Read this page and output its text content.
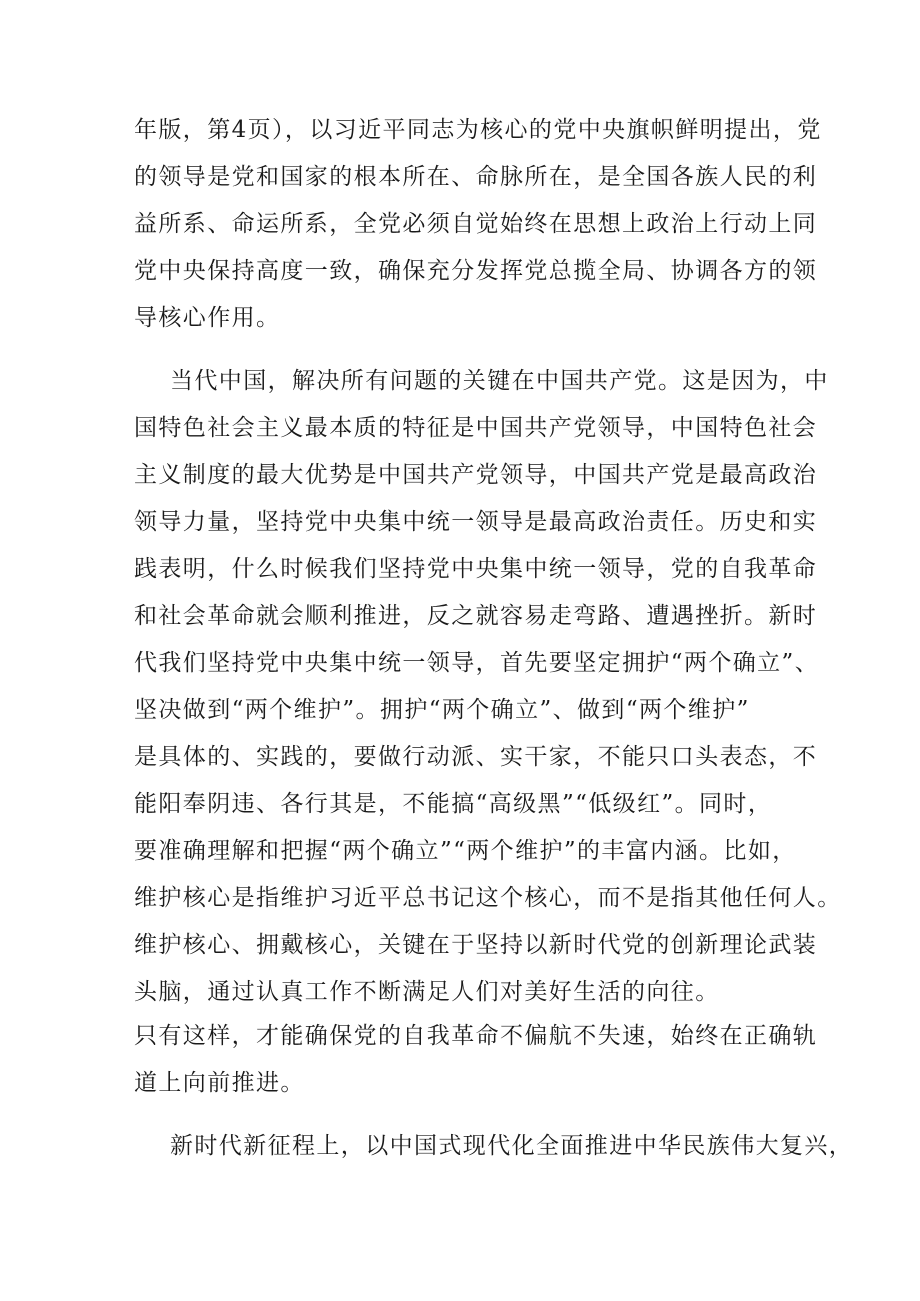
年版，第4页），以习近平同志为核心的党中央旗帜鲜明提出，党

的领导是党和国家的根本所在、命脉所在，是全国各族人民的利

益所系、命运所系，全党必须自觉始终在思想上政治上行动上同

党中央保持高度一致，确保充分发挥党总揽全局、协调各方的领

导核心作用。

当代中国，解决所有问题的关键在中国共产党。这是因为，中

国特色社会主义最本质的特征是中国共产党领导，中国特色社会

主义制度的最大优势是中国共产党领导，中国共产党是最高政治

领导力量，坚持党中央集中统一领导是最高政治责任。历史和实

践表明，什么时候我们坚持党中央集中统一领导，党的自我革命

和社会革命就会顺利推进，反之就容易走弯路、遭遇挫折。新时

代我们坚持党中央集中统一领导，首先要坚定拥护“两个确立”、

坚决做到“两个维护”。拥护“两个确立”、做到“两个维护”

是具体的、实践的，要做行动派、实干家，不能只口头表态，不

能阳奉阴违、各行其是，不能搞“高级黑”“低级红”。同时，

要准确理解和把握“两个确立”“两个维护”的丰富内涵。比如，

维护核心是指维护习近平总书记这个核心，而不是指其他任何人。

维护核心、拥戴核心，关键在于坚持以新时代党的创新理论武装

头脑，通过认真工作不断满足人们对美好生活的向往。

只有这样，才能确保党的自我革命不偏航不失速，始终在正确轨

道上向前推进。

新时代新征程上，以中国式现代化全面推进中华民族伟大复兴，
